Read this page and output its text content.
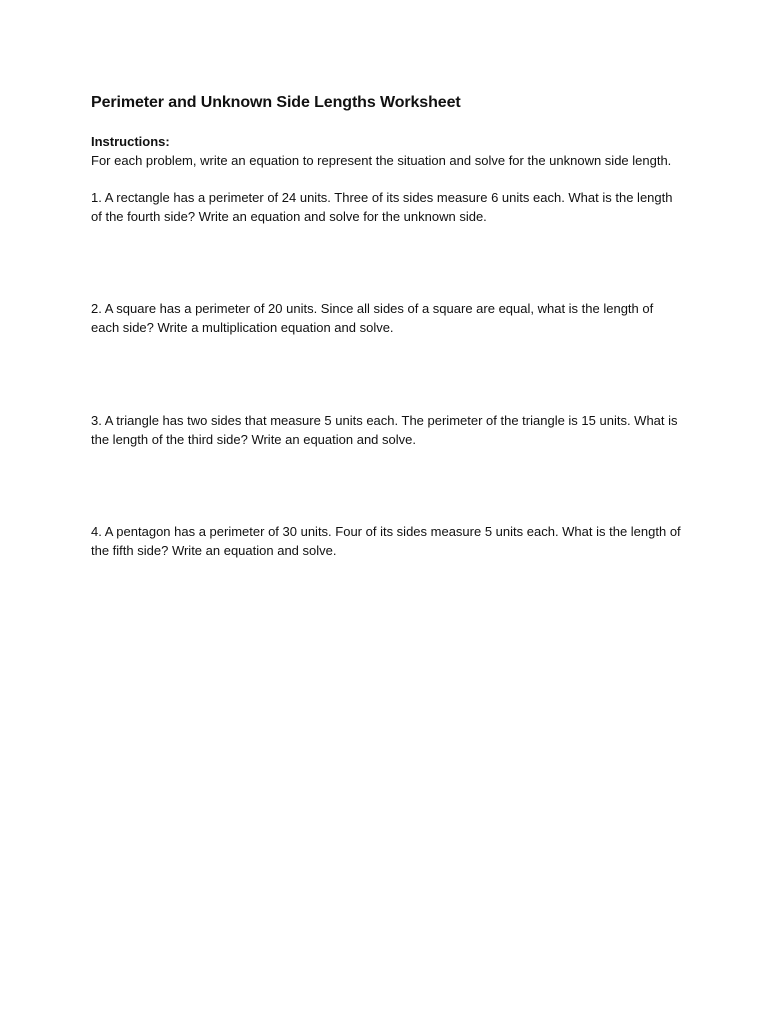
Perimeter and Unknown Side Lengths Worksheet
Instructions:

For each problem, write an equation to represent the situation and solve for the unknown side length.

1. A rectangle has a perimeter of 24 units. Three of its sides measure 6 units each. What is the length of the fourth side? Write an equation and solve for the unknown side.

2. A square has a perimeter of 20 units. Since all sides of a square are equal, what is the length of each side? Write a multiplication equation and solve.

3. A triangle has two sides that measure 5 units each. The perimeter of the triangle is 15 units. What is the length of the third side? Write an equation and solve.

4. A pentagon has a perimeter of 30 units. Four of its sides measure 5 units each. What is the length of the fifth side? Write an equation and solve.
